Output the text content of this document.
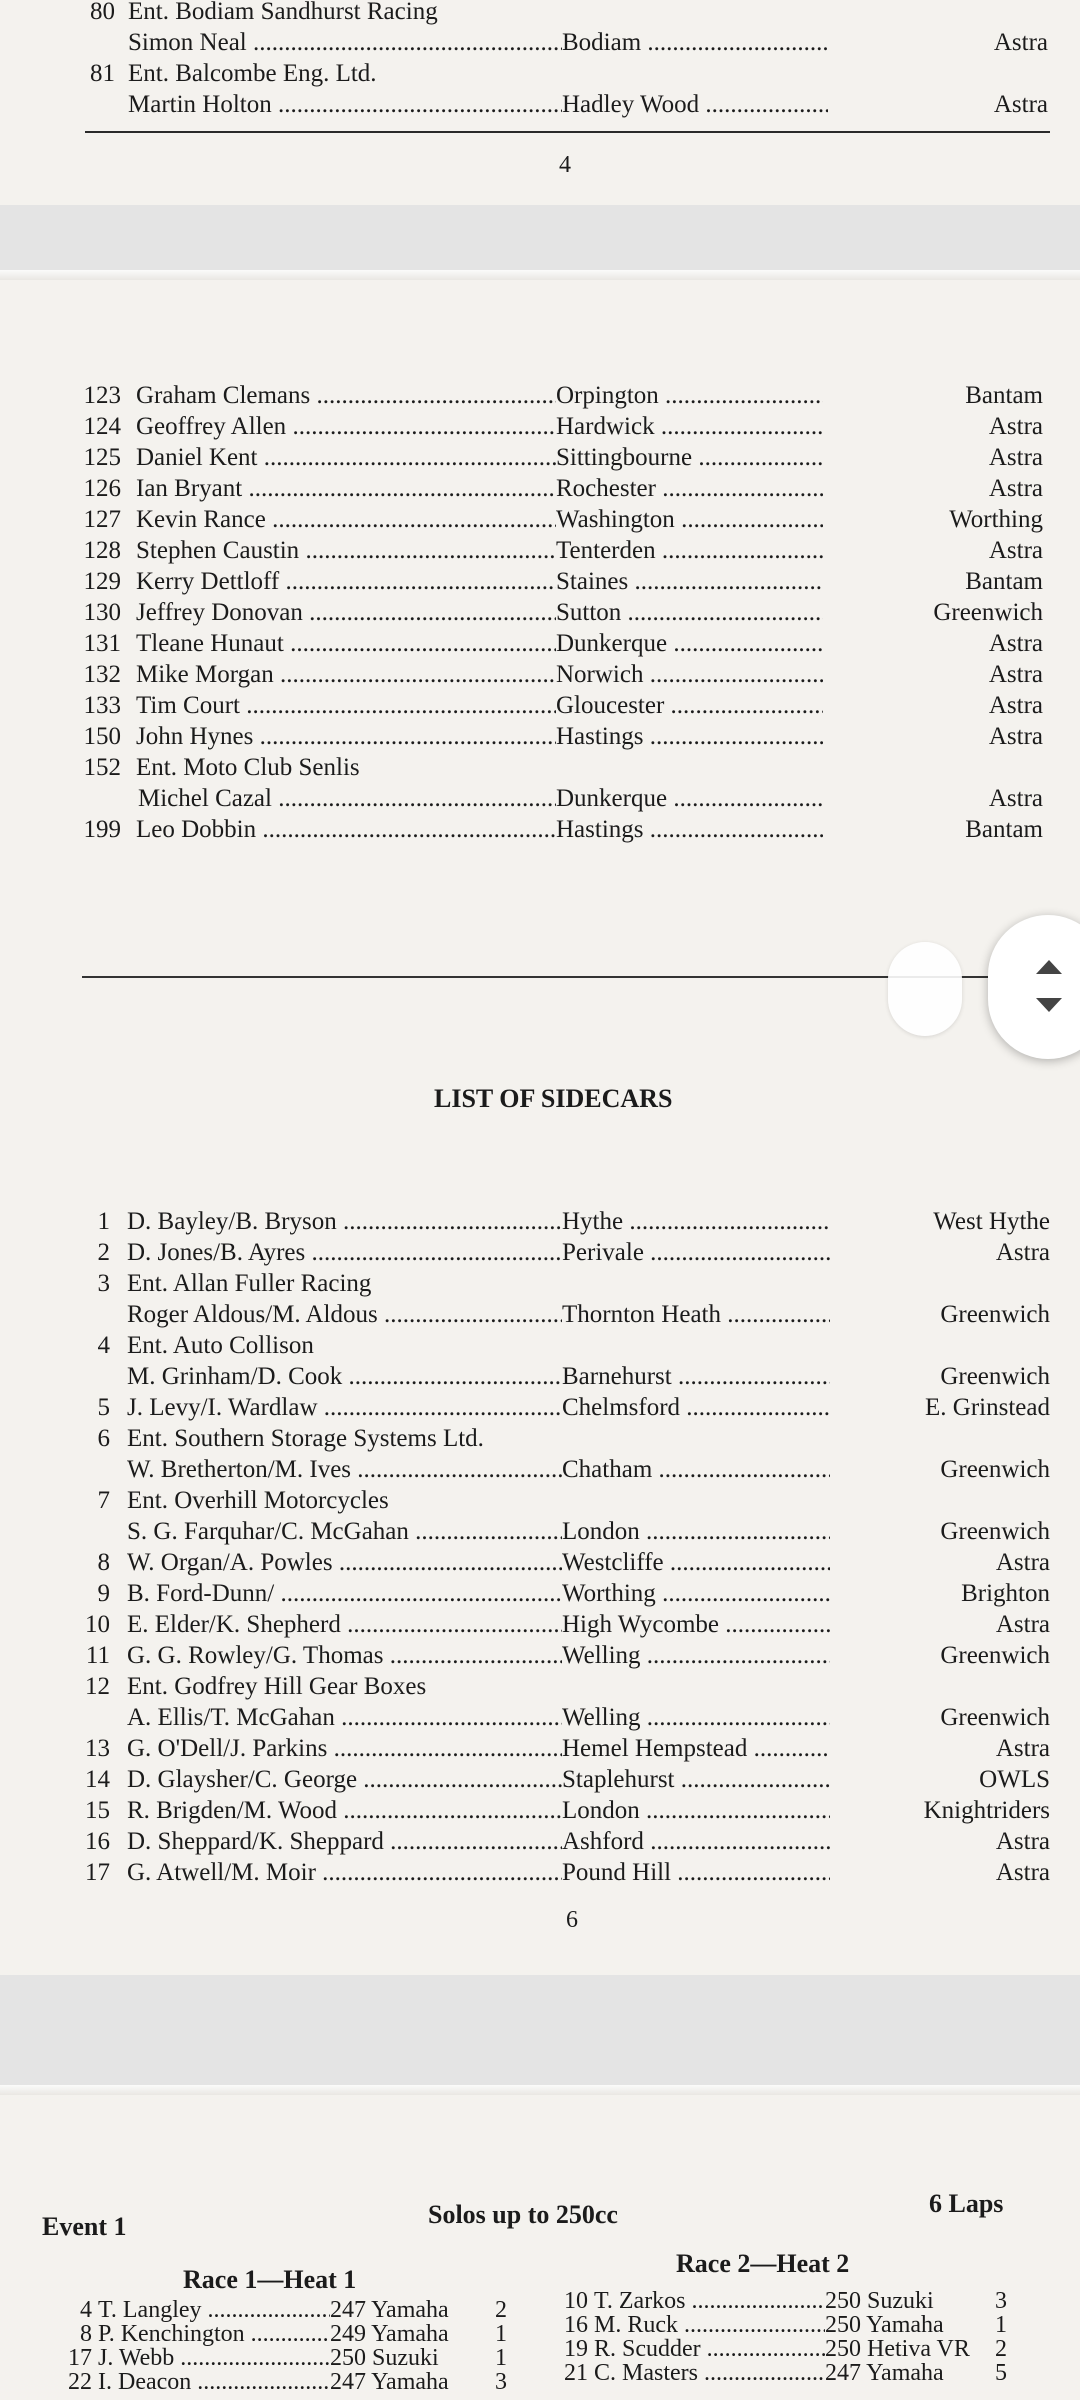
80 Ent. Bodiam Sandhurst Racing
Simon Neal .....	Bodiam .....	Astra
81 Ent. Balcombe Eng. Ltd.
Martin Holton .....	Hadley Wood .....	Astra
4
123 Graham Clemans .....	Orpington .....	Bantam
124 Geoffrey Allen .....	Hardwick .....	Astra
125 Daniel Kent .....	Sittingbourne .....	Astra
126 Ian Bryant .....	Rochester .....	Astra
127 Kevin Rance .....	Washington .....	Worthing
128 Stephen Caustin .....	Tenterden .....	Astra
129 Kerry Dettloff .....	Staines .....	Bantam
130 Jeffrey Donovan .....	Sutton .....	Greenwich
131 Tleane Hunaut .....	Dunkerque .....	Astra
132 Mike Morgan .....	Norwich .....	Astra
133 Tim Court .....	Gloucester .....	Astra
150 John Hynes .....	Hastings .....	Astra
152 Ent. Moto Club Senlis
Michel Cazal .....	Dunkerque .....	Astra
199 Leo Dobbin .....	Hastings .....	Bantam
LIST OF SIDECARS
1 D. Bayley/B. Bryson .....	Hythe .....	West Hythe
2 D. Jones/B. Ayres .....	Perivale .....	Astra
3 Ent. Allan Fuller Racing
Roger Aldous/M. Aldous .....	Thornton Heath .....	Greenwich
4 Ent. Auto Collison
M. Grinham/D. Cook .....	Barnehurst .....	Greenwich
5 J. Levy/I. Wardlaw .....	Chelmsford .....	E. Grinstead
6 Ent. Southern Storage Systems Ltd.
W. Bretherton/M. Ives .....	Chatham .....	Greenwich
7 Ent. Overhill Motorcycles
S. G. Farquhar/C. McGahan .....	London .....	Greenwich
8 W. Organ/A. Powles .....	Westcliffe .....	Astra
9 B. Ford-Dunn/ .....	Worthing .....	Brighton
10 E. Elder/K. Shepherd .....	High Wycombe .....	Astra
11 G. G. Rowley/G. Thomas .....	Welling .....	Greenwich
12 Ent. Godfrey Hill Gear Boxes
A. Ellis/T. McGahan .....	Welling .....	Greenwich
13 G. O'Dell/J. Parkins .....	Hemel Hempstead .....	Astra
14 D. Glaysher/C. George .....	Staplehurst .....	OWLS
15 R. Brigden/M. Wood .....	London .....	Knightriders
16 D. Sheppard/K. Sheppard .....	Ashford .....	Astra
17 G. Atwell/M. Moir .....	Pound Hill .....	Astra
6
Event 1	Solos up to 250cc	6 Laps
Race 1—Heat 1
Race 2—Heat 2
4 T. Langley .....	247 Yamaha 2
8 P. Kenchington .....	249 Yamaha 1
17 J. Webb .....	250 Suzuki 1
22 I. Deacon .....	247 Yamaha 3
10 T. Zarkos .....	250 Suzuki	3
16 M. Ruck .....	250 Yamaha 1
19 R. Scudder .....	250 Hetiva VR 2
21 C. Masters .....	247 Yamaha 5
